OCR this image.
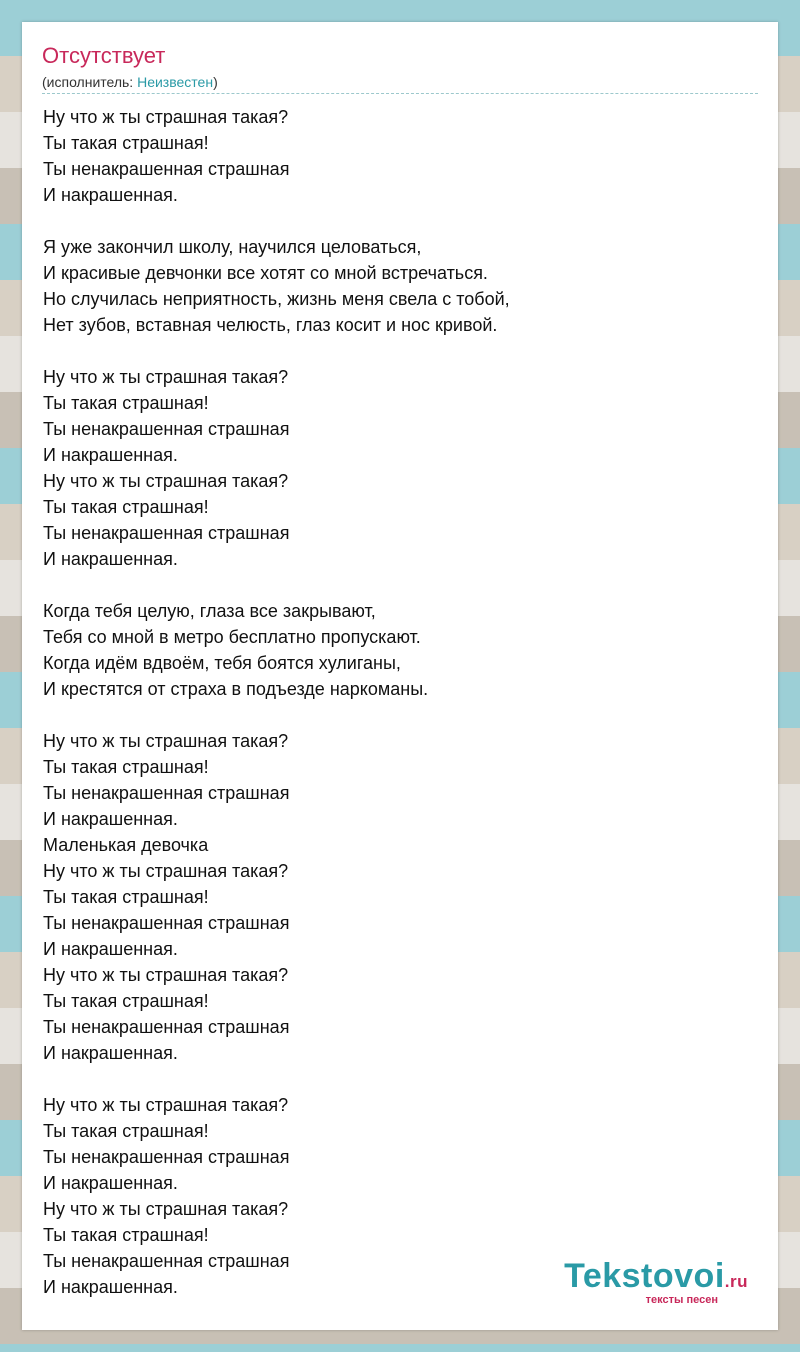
Отсутствует
(исполнитель: Неизвестен)
Ну что ж ты страшная такая?
Ты такая страшная!
Ты ненакрашенная страшная
И накрашенная.
Я уже закончил школу, научился целоваться,
И красивые девчонки все хотят со мной встречаться.
Но случилась неприятность, жизнь меня свела с тобой,
Нет зубов, вставная челюсть, глаз косит и нос кривой.
Ну что ж ты страшная такая?
Ты такая страшная!
Ты ненакрашенная страшная
И накрашенная.
Ну что ж ты страшная такая?
Ты такая страшная!
Ты ненакрашенная страшная
И накрашенная.
Когда тебя целую, глаза все закрывают,
Тебя со мной в метро бесплатно пропускают.
Когда идём вдвоём, тебя боятся хулиганы,
И крестятся от страха в подъезде наркоманы.
Ну что ж ты страшная такая?
Ты такая страшная!
Ты ненакрашенная страшная
И накрашенная.
Маленькая девочка
Ну что ж ты страшная такая?
Ты такая страшная!
Ты ненакрашенная страшная
И накрашенная.
Ну что ж ты страшная такая?
Ты такая страшная!
Ты ненакрашенная страшная
И накрашенная.
Ну что ж ты страшная такая?
Ты такая страшная!
Ты ненакрашенная страшная
И накрашенная.
Ну что ж ты страшная такая?
Ты такая страшная!
Ты ненакрашенная страшная
И накрашенная.	Tekstovoi.ru
тексты песен
